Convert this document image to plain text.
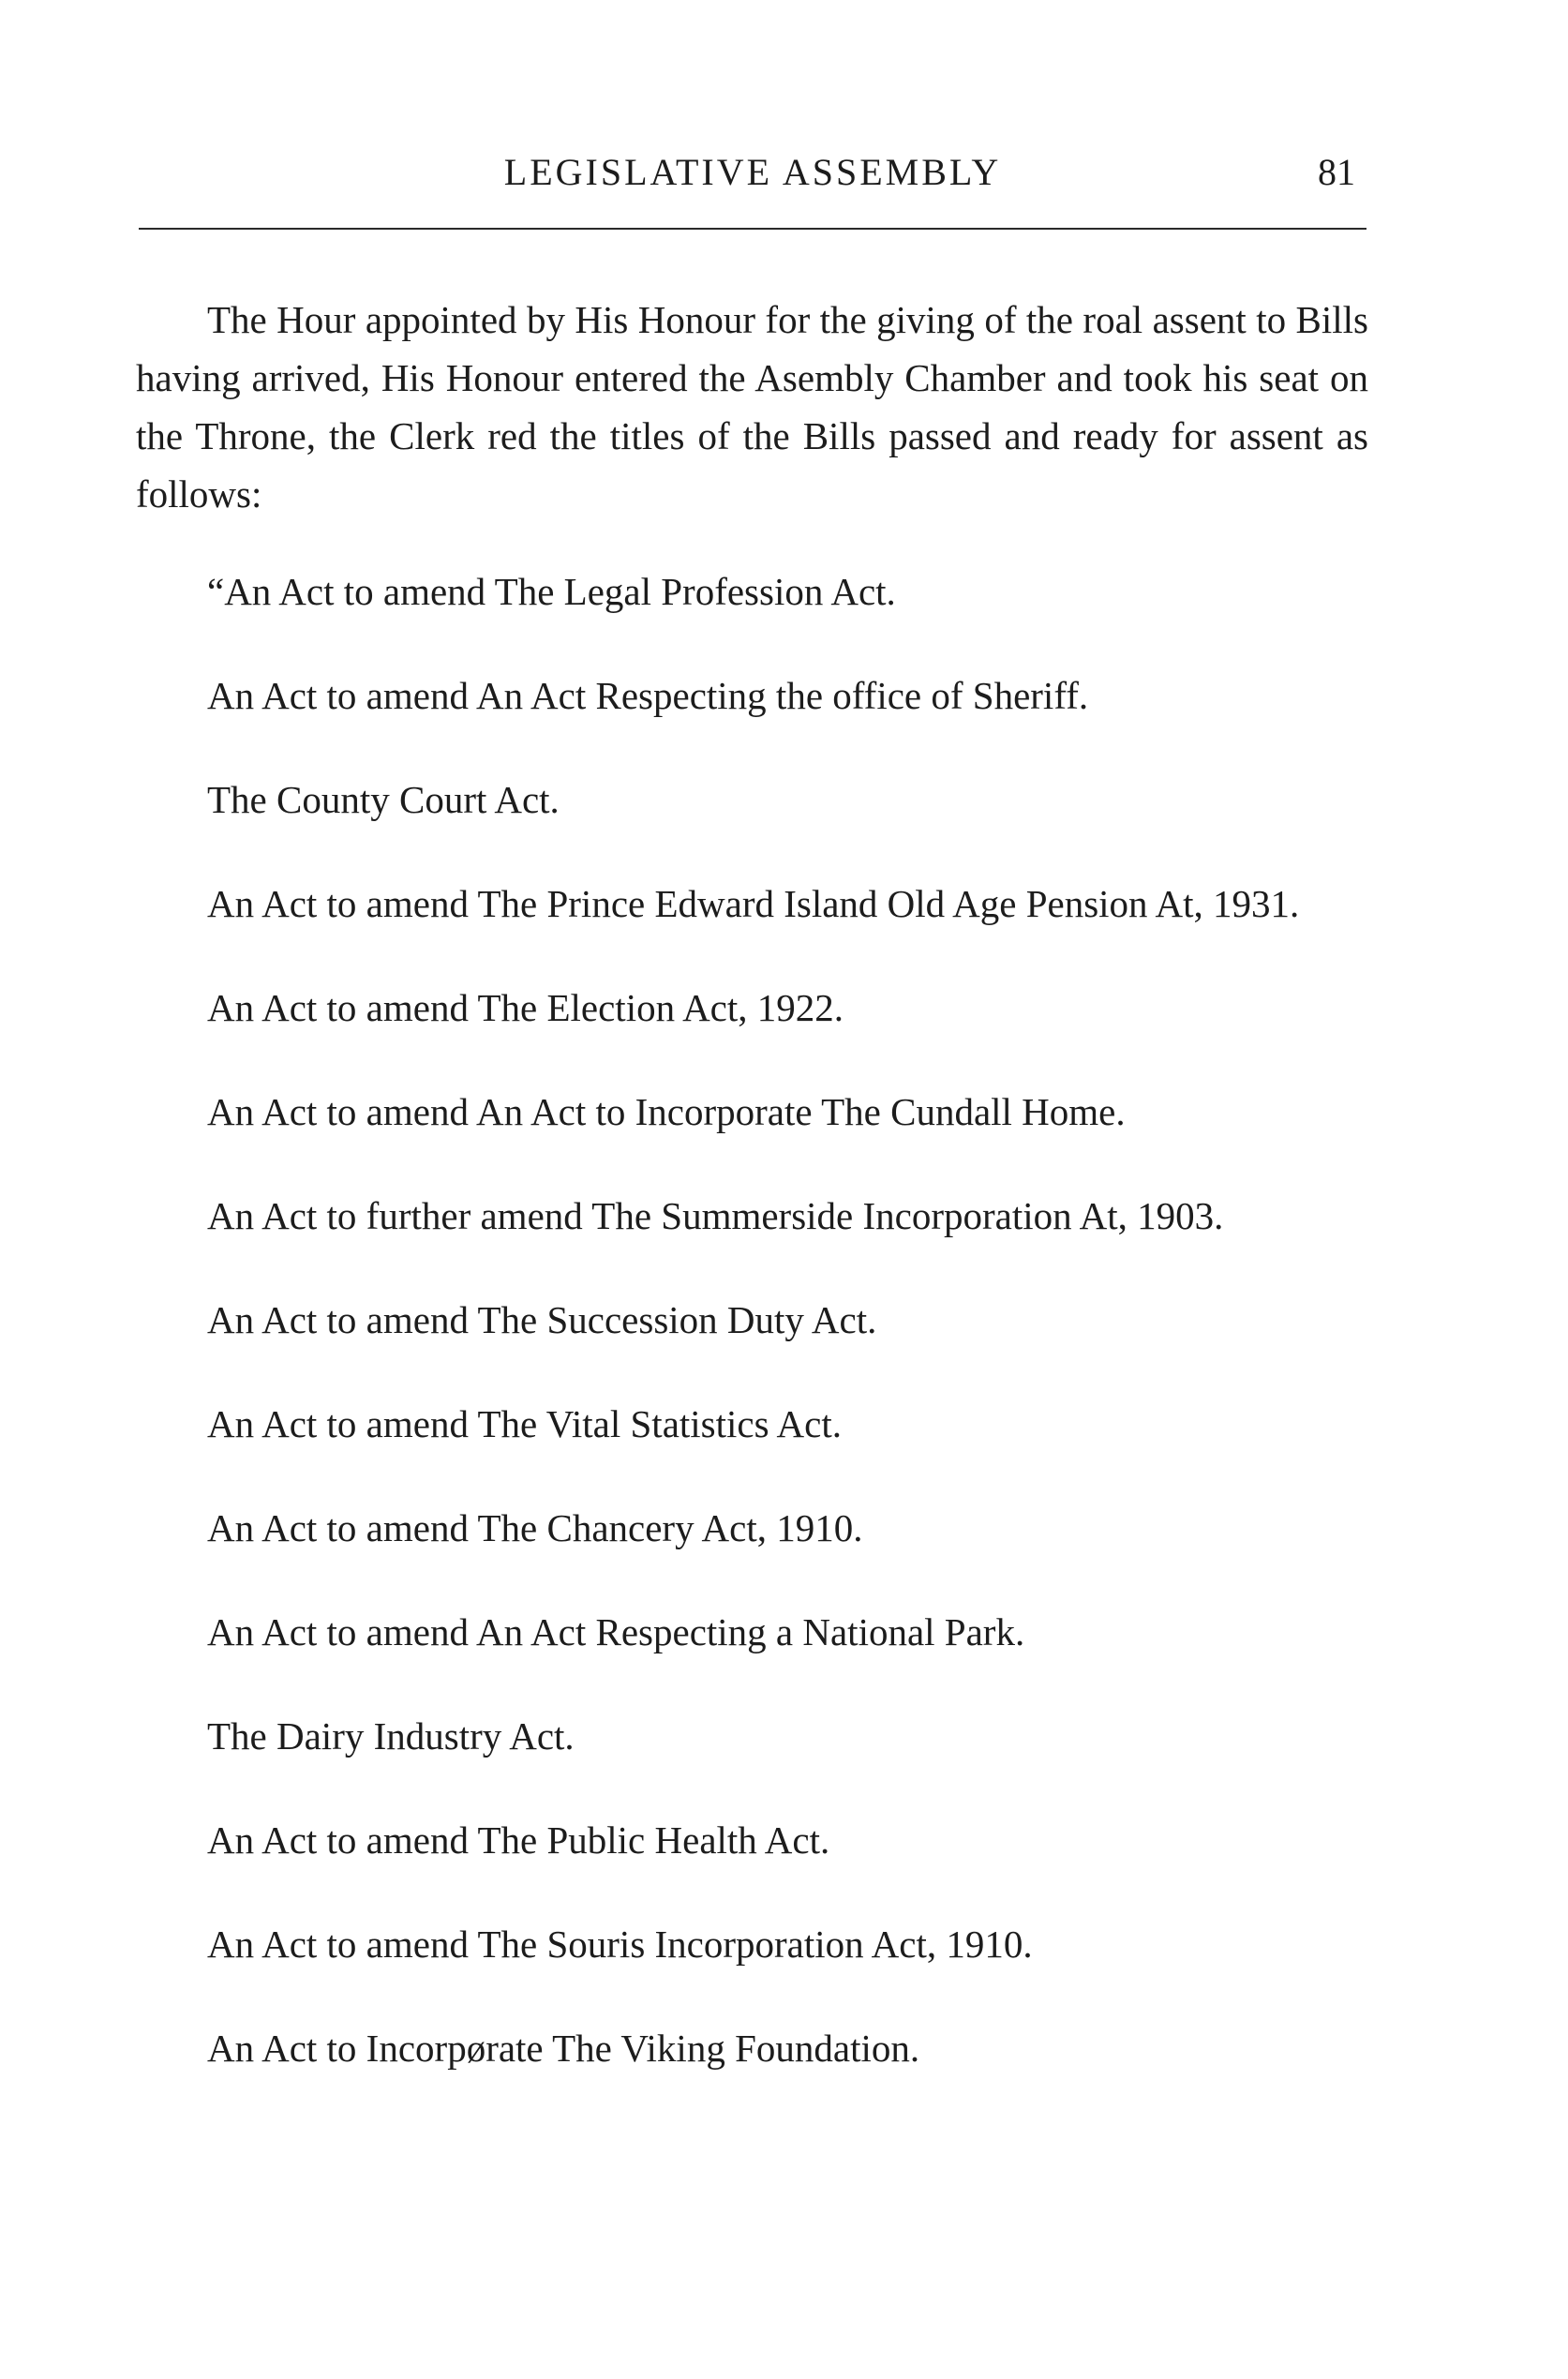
LEGISLATIVE ASSEMBLY	81

The Hour appointed by His Honour for the giving of the roal assent to Bills having arrived, His Honour entered the Asembly Chamber and took his seat on the Throne, the Clerk red the titles of the Bills passed and ready for assent as follows:

“An Act to amend The Legal Profession Act.
An Act to amend An Act Respecting the office of Sheriff.
The County Court Act.
An Act to amend The Prince Edward Island Old Age Pension At, 1931.
An Act to amend The Election Act, 1922.
An Act to amend An Act to Incorporate The Cundall Home.
An Act to further amend The Summerside Incorporation At, 1903.
An Act to amend The Succession Duty Act.
An Act to amend The Vital Statistics Act.
An Act to amend The Chancery Act, 1910.
An Act to amend An Act Respecting a National Park.
The Dairy Industry Act.
An Act to amend The Public Health Act.
An Act to amend The Souris Incorporation Act, 1910.
An Act to Incorpørate The Viking Foundation.
